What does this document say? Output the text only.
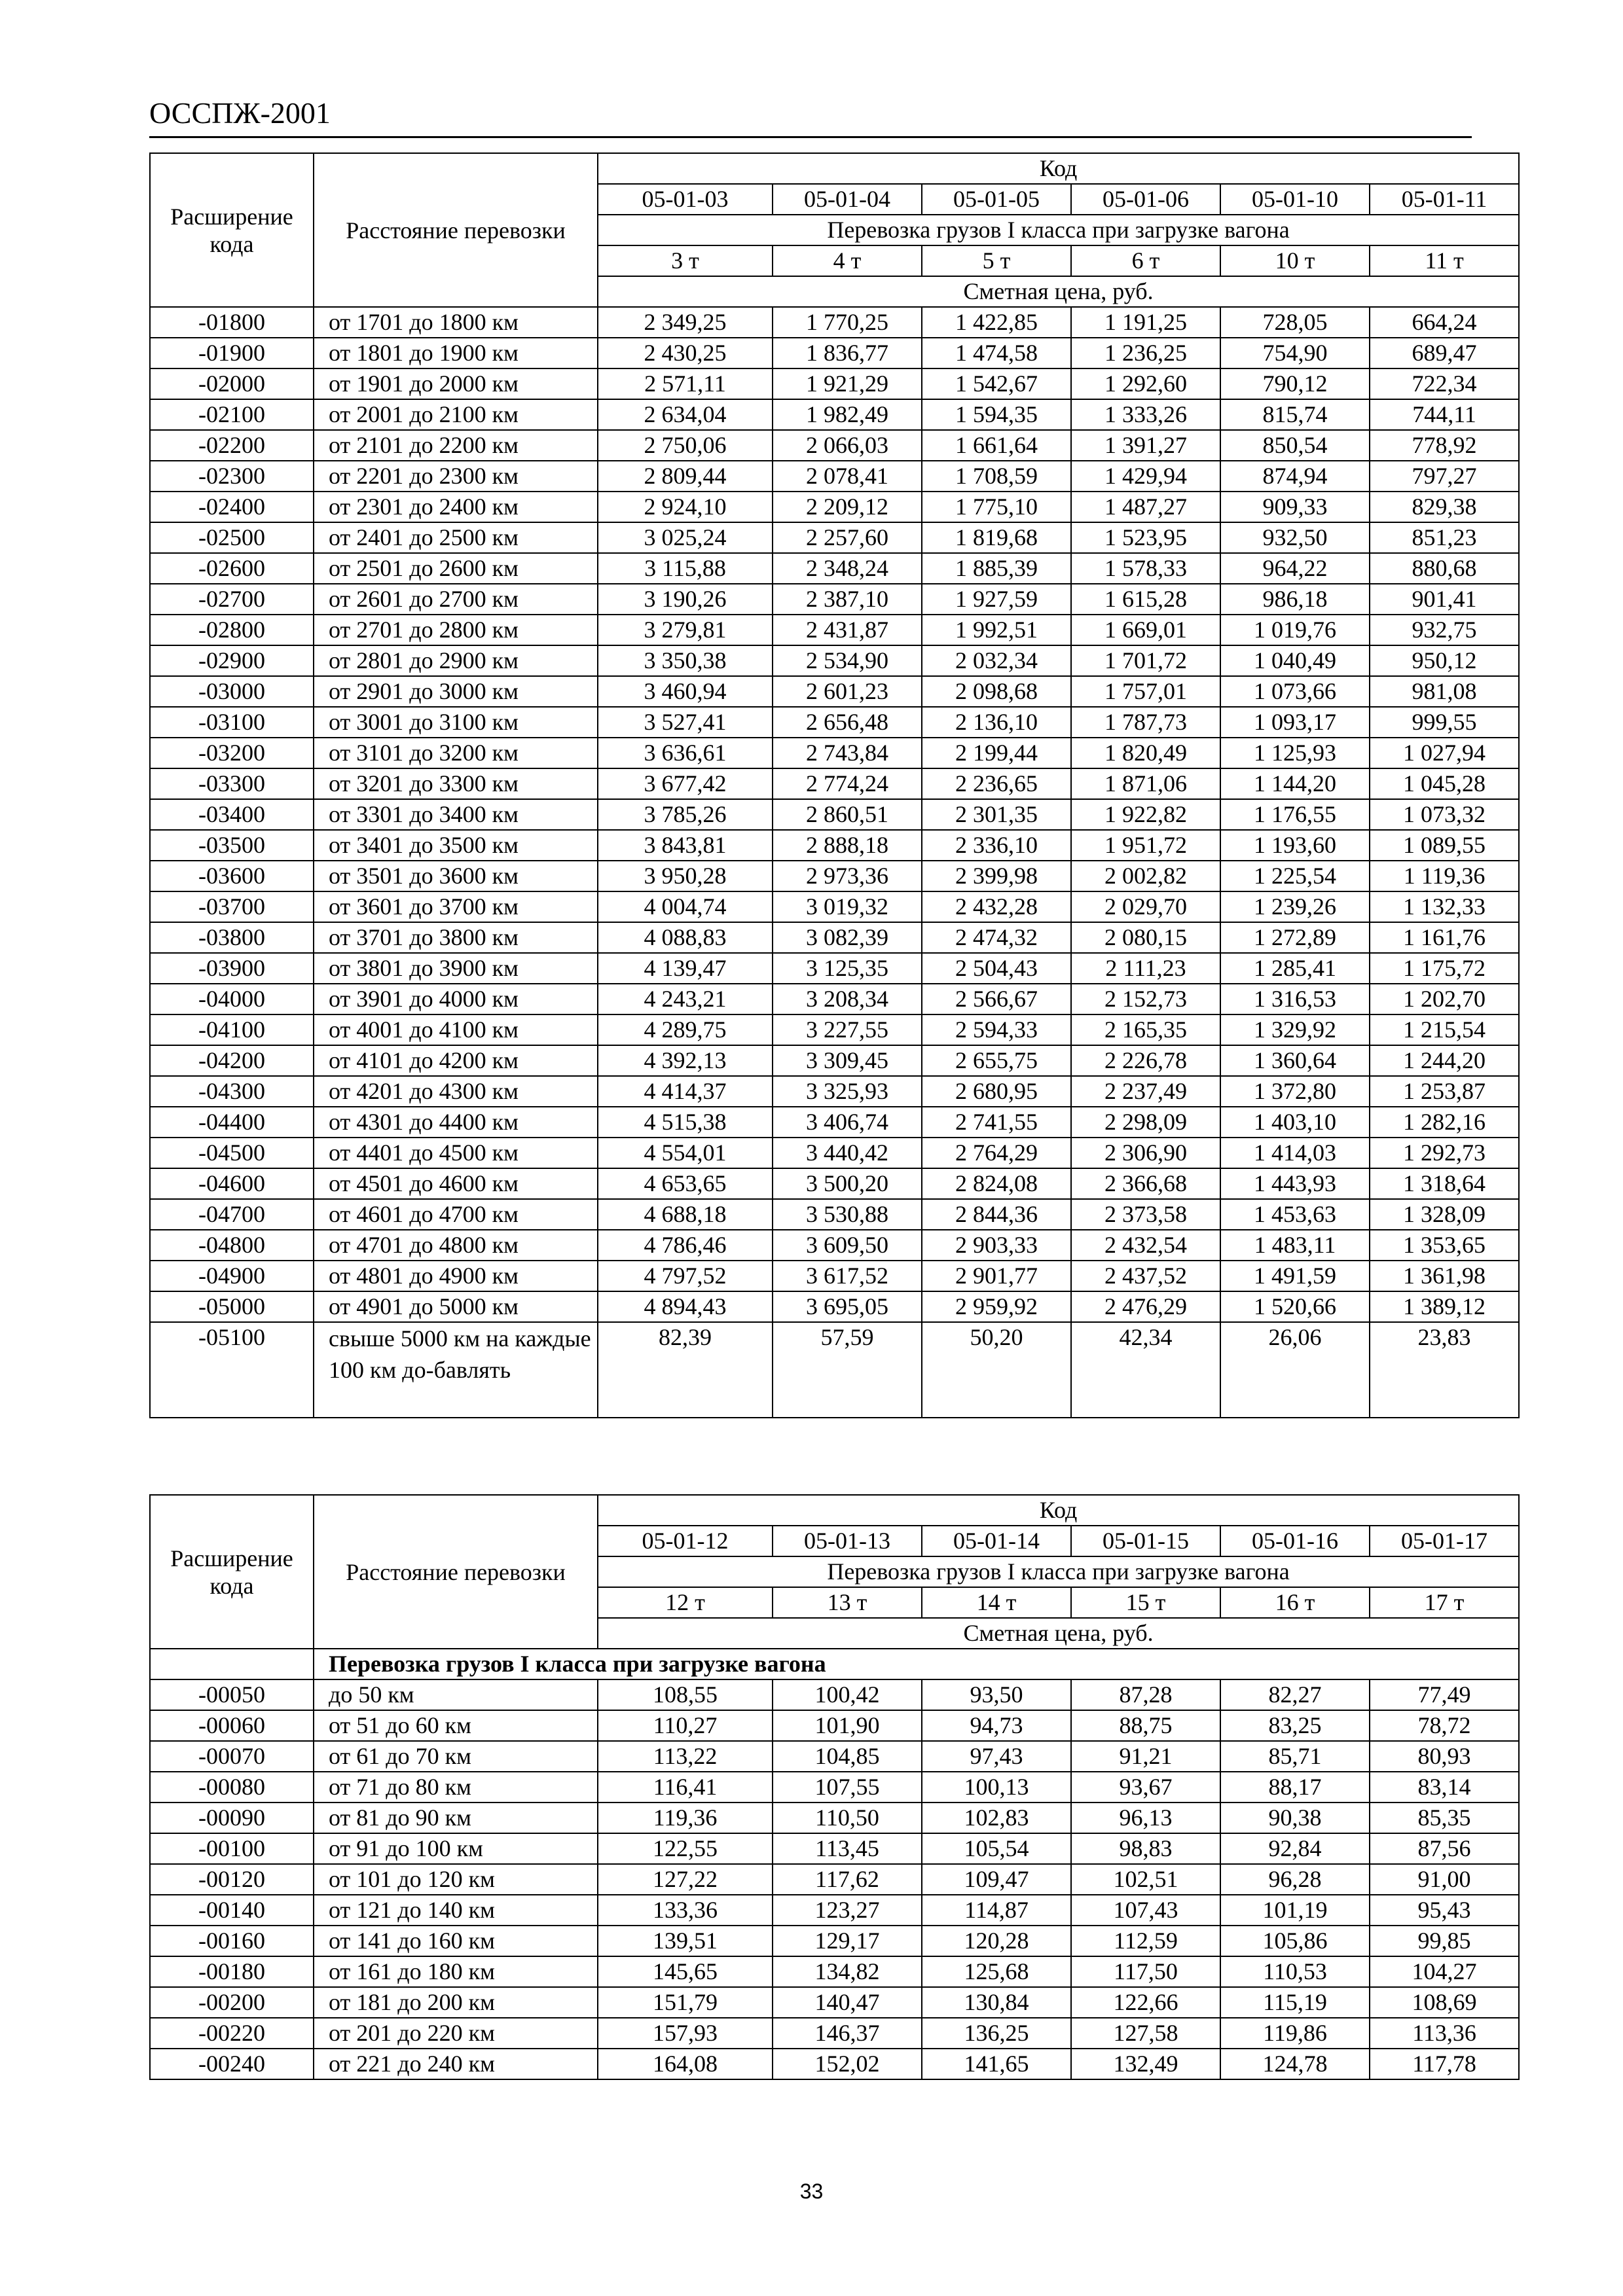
ОССПЖ-2001
Расширение кода	Расстояние перевозки	Код					
		05-01-03	05-01-04	05-01-05	05-01-06	05-01-10	05-01-11
		Перевозка грузов I класса при загрузке вагона					
		3 т	4 т	5 т	6 т	10 т	11 т
		Сметная цена, руб.					
-01800	от 1701 до 1800 км	2 349,25	1 770,25	1 422,85	1 191,25	728,05	664,24
-01900	от 1801 до 1900 км	2 430,25	1 836,77	1 474,58	1 236,25	754,90	689,47
-02000	от 1901 до 2000 км	2 571,11	1 921,29	1 542,67	1 292,60	790,12	722,34
-02100	от 2001 до 2100 км	2 634,04	1 982,49	1 594,35	1 333,26	815,74	744,11
-02200	от 2101 до 2200 км	2 750,06	2 066,03	1 661,64	1 391,27	850,54	778,92
-02300	от 2201 до 2300 км	2 809,44	2 078,41	1 708,59	1 429,94	874,94	797,27
-02400	от 2301 до 2400 км	2 924,10	2 209,12	1 775,10	1 487,27	909,33	829,38
-02500	от 2401 до 2500 км	3 025,24	2 257,60	1 819,68	1 523,95	932,50	851,23
-02600	от 2501 до 2600 км	3 115,88	2 348,24	1 885,39	1 578,33	964,22	880,68
-02700	от 2601 до 2700 км	3 190,26	2 387,10	1 927,59	1 615,28	986,18	901,41
-02800	от 2701 до 2800 км	3 279,81	2 431,87	1 992,51	1 669,01	1 019,76	932,75
-02900	от 2801 до 2900 км	3 350,38	2 534,90	2 032,34	1 701,72	1 040,49	950,12
-03000	от 2901 до 3000 км	3 460,94	2 601,23	2 098,68	1 757,01	1 073,66	981,08
-03100	от 3001 до 3100 км	3 527,41	2 656,48	2 136,10	1 787,73	1 093,17	999,55
-03200	от 3101 до 3200 км	3 636,61	2 743,84	2 199,44	1 820,49	1 125,93	1 027,94
-03300	от 3201 до 3300 км	3 677,42	2 774,24	2 236,65	1 871,06	1 144,20	1 045,28
-03400	от 3301 до 3400 км	3 785,26	2 860,51	2 301,35	1 922,82	1 176,55	1 073,32
-03500	от 3401 до 3500 км	3 843,81	2 888,18	2 336,10	1 951,72	1 193,60	1 089,55
-03600	от 3501 до 3600 км	3 950,28	2 973,36	2 399,98	2 002,82	1 225,54	1 119,36
-03700	от 3601 до 3700 км	4 004,74	3 019,32	2 432,28	2 029,70	1 239,26	1 132,33
-03800	от 3701 до 3800 км	4 088,83	3 082,39	2 474,32	2 080,15	1 272,89	1 161,76
-03900	от 3801 до 3900 км	4 139,47	3 125,35	2 504,43	2 111,23	1 285,41	1 175,72
-04000	от 3901 до 4000 км	4 243,21	3 208,34	2 566,67	2 152,73	1 316,53	1 202,70
-04100	от 4001 до 4100 км	4 289,75	3 227,55	2 594,33	2 165,35	1 329,92	1 215,54
-04200	от 4101 до 4200 км	4 392,13	3 309,45	2 655,75	2 226,78	1 360,64	1 244,20
-04300	от 4201 до 4300 км	4 414,37	3 325,93	2 680,95	2 237,49	1 372,80	1 253,87
-04400	от 4301 до 4400 км	4 515,38	3 406,74	2 741,55	2 298,09	1 403,10	1 282,16
-04500	от 4401 до 4500 км	4 554,01	3 440,42	2 764,29	2 306,90	1 414,03	1 292,73
-04600	от 4501 до 4600 км	4 653,65	3 500,20	2 824,08	2 366,68	1 443,93	1 318,64
-04700	от 4601 до 4700 км	4 688,18	3 530,88	2 844,36	2 373,58	1 453,63	1 328,09
-04800	от 4701 до 4800 км	4 786,46	3 609,50	2 903,33	2 432,54	1 483,11	1 353,65
-04900	от 4801 до 4900 км	4 797,52	3 617,52	2 901,77	2 437,52	1 491,59	1 361,98
-05000	от 4901 до 5000 км	4 894,43	3 695,05	2 959,92	2 476,29	1 520,66	1 389,12
-05100	свыше 5000 км на каждые 100 км до-бавлять	82,39	57,59	50,20	42,34	26,06	23,83
Расширение кода	Расстояние перевозки	Код					
		05-01-12	05-01-13	05-01-14	05-01-15	05-01-16	05-01-17
		Перевозка грузов I класса при загрузке вагона					
		12 т	13 т	14 т	15 т	16 т	17 т
		Сметная цена, руб.					
	Перевозка грузов I класса при загрузке вагона						
-00050	до 50 км	108,55	100,42	93,50	87,28	82,27	77,49
-00060	от 51 до 60 км	110,27	101,90	94,73	88,75	83,25	78,72
-00070	от 61 до 70 км	113,22	104,85	97,43	91,21	85,71	80,93
-00080	от 71 до 80 км	116,41	107,55	100,13	93,67	88,17	83,14
-00090	от 81 до 90 км	119,36	110,50	102,83	96,13	90,38	85,35
-00100	от 91 до 100 км	122,55	113,45	105,54	98,83	92,84	87,56
-00120	от 101 до 120 км	127,22	117,62	109,47	102,51	96,28	91,00
-00140	от 121 до 140 км	133,36	123,27	114,87	107,43	101,19	95,43
-00160	от 141 до 160 км	139,51	129,17	120,28	112,59	105,86	99,85
-00180	от 161 до 180 км	145,65	134,82	125,68	117,50	110,53	104,27
-00200	от 181 до 200 км	151,79	140,47	130,84	122,66	115,19	108,69
-00220	от 201 до 220 км	157,93	146,37	136,25	127,58	119,86	113,36
-00240	от 221 до 240 км	164,08	152,02	141,65	132,49	124,78	117,78
33
